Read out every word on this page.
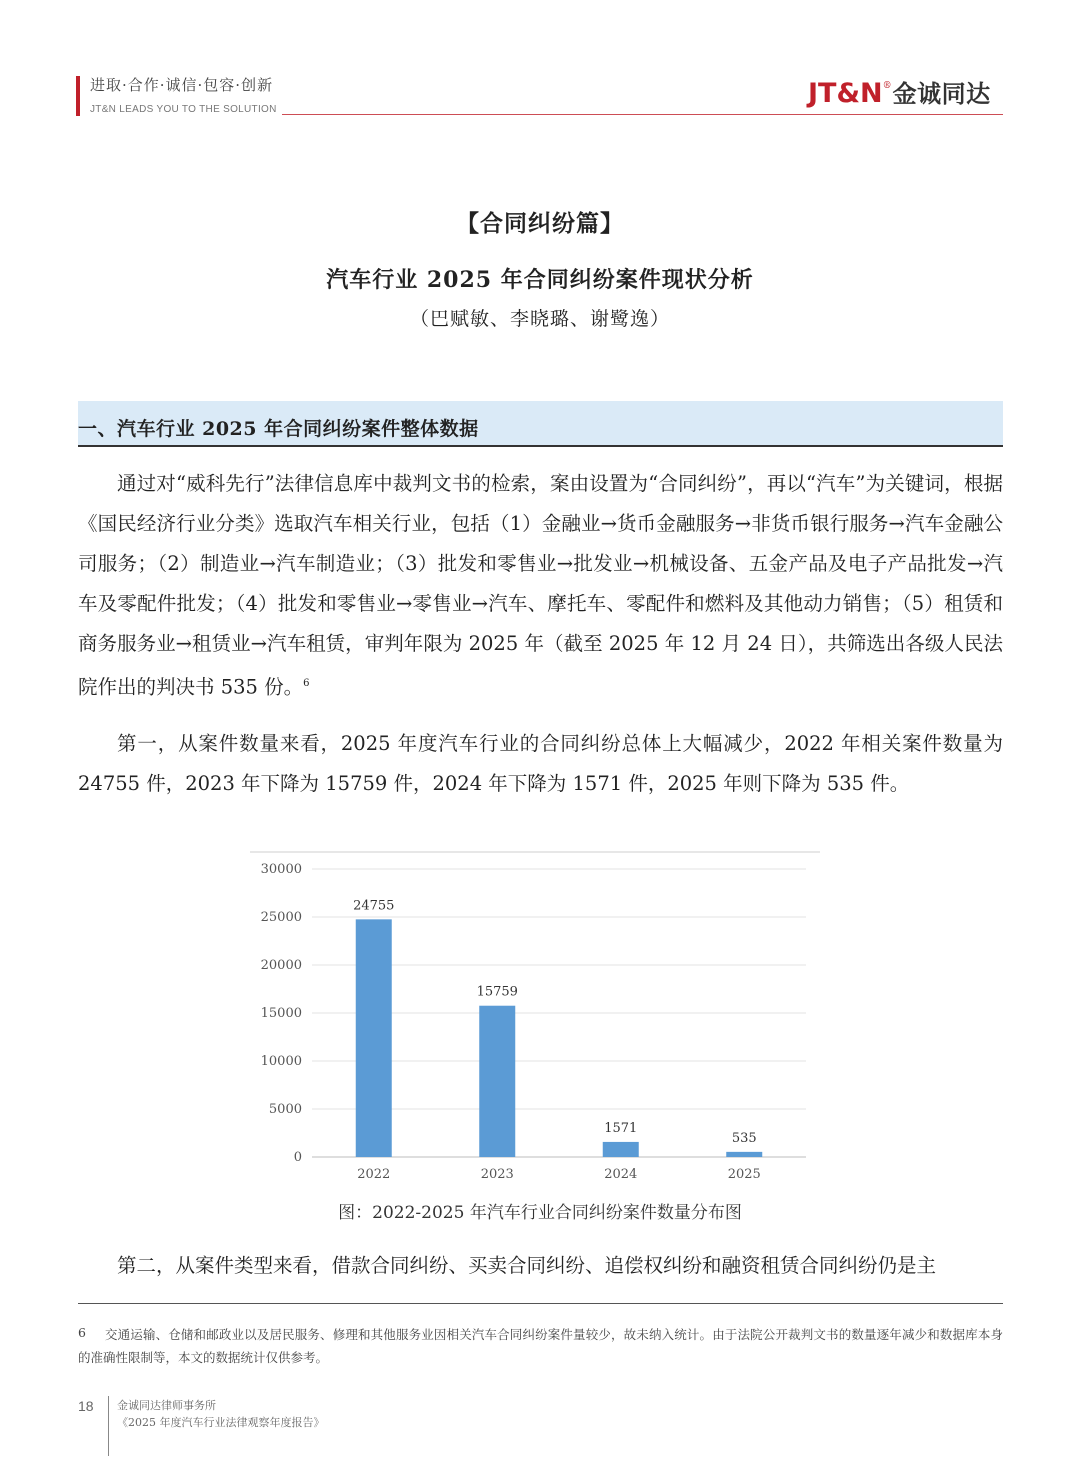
进取·合作·诚信·包容·创新
JT&N LEADS YOU TO THE SOLUTION
JT&N ® 金诚同达
【合同纠纷篇】
汽车行业 2025 年合同纠纷案件现状分析
（巴赋敏、李晓璐、谢鹭逸）
一、汽车行业 2025 年合同纠纷案件整体数据
通过对“威科先行”法律信息库中裁判文书的检索，案由设置为“合同纠纷”，再以“汽车”为关键词，根据《国民经济行业分类》选取汽车相关行业，包括（1）金融业→货币金融服务→非货币银行服务→汽车金融公司服务；（2）制造业→汽车制造业；（3）批发和零售业→批发业→机械设备、五金产品及电子产品批发→汽车及零配件批发；（4）批发和零售业→零售业→汽车、摩托车、零配件和燃料及其他动力销售；（5）租赁和商务服务业→租赁业→汽车租赁，审判年限为 2025 年（截至 2025 年 12 月 24 日），共筛选出各级人民法院作出的判决书 535 份。$^6$
第一，从案件数量来看，2025 年度汽车行业的合同纠纷总体上大幅减少，2022 年相关案件数量为 24755 件，2023 年下降为 15759 件，2024 年下降为 1571 件，2025 年则下降为 535 件。
0
5000
10000
15000
20000
25000
30000
24755
15759
1571
535
2022	2023	2024	2025
图：2022-2025 年汽车行业合同纠纷案件数量分布图
第二，从案件类型来看，借款合同纠纷、买卖合同纠纷、追偿权纠纷和融资租赁合同纠纷仍是主
6	交通运输、仓储和邮政业以及居民服务、修理和其他服务业因相关汽车合同纠纷案件量较少，故未纳入统计。由于法院公开裁判文书的数量逐年减少和数据库本身的准确性限制等，本文的数据统计仅供参考。
18 金诚同达律师事务所
《2025 年度汽车行业法律观察年度报告》
